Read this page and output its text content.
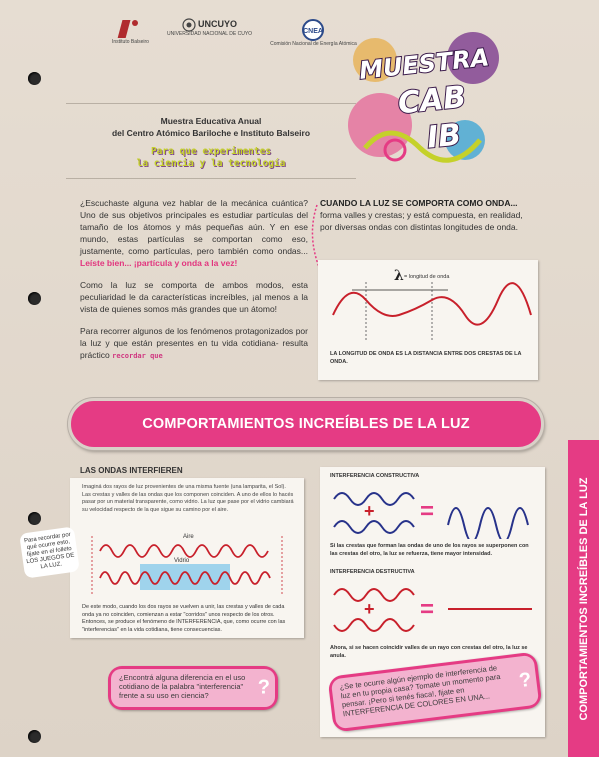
Instituto Balseiro
UNCUYO
UNIVERSIDAD NACIONAL DE CUYO	CNEA
Comisión Nacional de Energía Atómica
Muestra Educativa Anual
del Centro Atómico Bariloche e Instituto Balseiro
Para que experimentes
la ciencia y la tecnología
MUESTRA
CAB
IB

¿Escuchaste alguna vez hablar de la mecánica cuántica? Uno de sus objetivos principales es estudiar partículas del tamaño de los átomos y más pequeñas aún. Y en ese mundo, estas partículas se comportan como eso, justamente, como partículas, pero también como ondas... Leíste bien... ¡partícula y onda a la vez!

Como la luz se comporta de ambos modos, esta peculiaridad le da características increíbles, ¡al menos a la vista de quienes somos más grandes que un átomo!

Para recorrer algunos de los fenómenos protagonizados por la luz y que están presentes en tu vida cotidiana- resulta práctico recordar que

CUANDO LA LUZ SE COMPORTA COMO ONDA...
forma valles y crestas; y está compuesta, en realidad, por diversas ondas con distintas longitudes de onda.
λ = longitud de onda
LA LONGITUD DE ONDA ES LA DISTANCIA ENTRE DOS CRESTAS DE LA ONDA.
COMPORTAMIENTOS INCREÍBLES DE LA LUZ
LAS ONDAS INTERFIEREN
Imaginá dos rayos de luz provenientes de una misma fuente (una lamparita, el Sol). Las crestas y valles de las ondas que los componen coinciden. A uno de ellos lo hacés pasar por un material transparente, como vidrio. La luz que pase por el vidrio cambiará su velocidad respecto de la que sigue su camino por el aire.
Aire
Vidrio
De este modo, cuando los dos rayos se vuelven a unir, las crestas y valles de cada onda ya no coinciden, comienzan a estar "corridos" unos respecto de los otros. Entonces, se produce el fenómeno de INTERFERENCIA, que, como ocurre con las "interferencias" en la vida cotidiana, tiene consecuencias.
Para recordar por qué ocurre esto, fijate en el folleto LOS JUEGOS DE LA LUZ.
INTERFERENCIA CONSTRUCTIVA
+ =
Si las crestas que forman las ondas de uno de los rayos se superponen con las crestas del otro, la luz se refuerza, tiene mayor intensidad.
INTERFERENCIA DESTRUCTIVA
+ =
Ahora, si se hacen coincidir valles de un rayo con crestas del otro, la luz se anula.
¿Encontrá alguna diferencia en el uso cotidiano de la palabra "interferencia" frente a su uso en ciencia?	?	¿Se te ocurre algún ejemplo de interferencia de luz en tu propia casa? Tomate un momento para pensar. ¡Pero si tenés fiaca!, fijate en INTERFERENCIA DE COLORES EN UNA...
?	COMPORTAMIENTOS INCREÍBLES DE LA LUZ
